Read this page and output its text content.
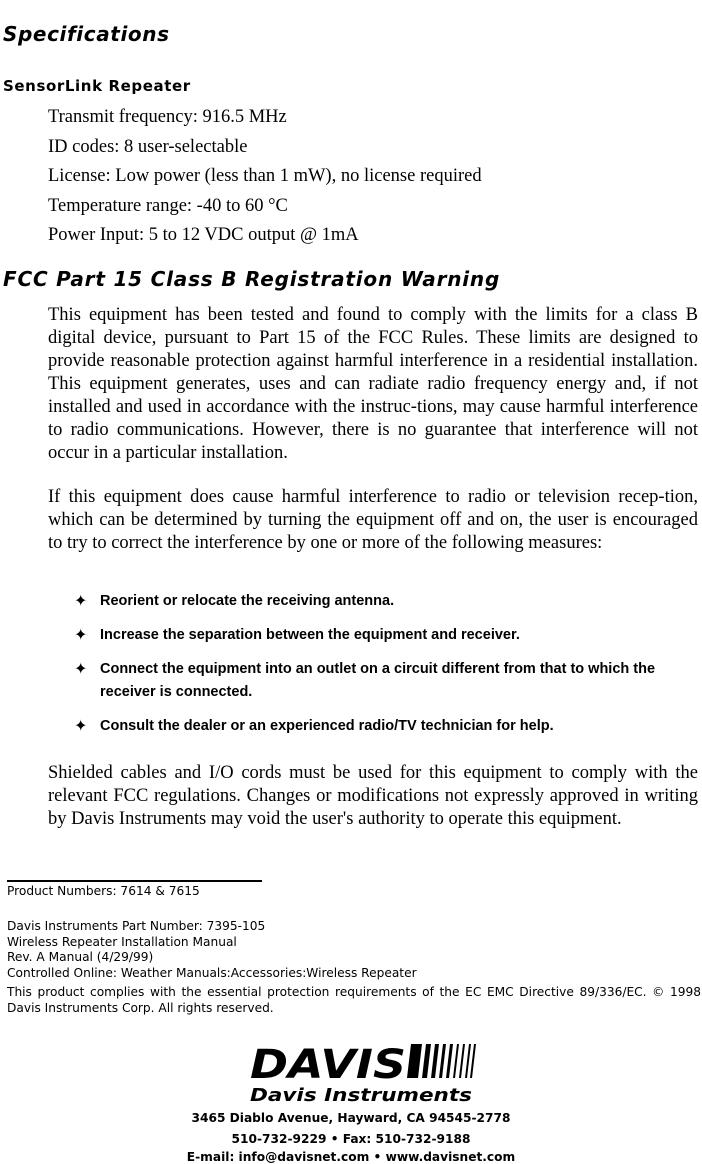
Specifications
SensorLink Repeater
Transmit frequency: 916.5 MHz
ID codes: 8 user-selectable
License: Low power (less than 1 mW), no license required
Temperature range: -40 to 60 °C
Power Input: 5 to 12 VDC output @ 1mA
FCC Part 15 Class B Registration Warning

This equipment has been tested and found to comply with the limits for a class B digital device, pursuant to Part 15 of the FCC Rules. These limits are designed to provide reasonable protection against harmful interference in a residential installation. This equipment generates, uses and can radiate radio frequency energy and, if not installed and used in accordance with the instruc-tions, may cause harmful interference to radio communications. However, there is no guarantee that interference will not occur in a particular installation.

If this equipment does cause harmful interference to radio or television recep-tion, which can be determined by turning the equipment off and on, the user is encouraged to try to correct the interference by one or more of the following measures:

✦ Reorient or relocate the receiving antenna.
✦ Increase the separation between the equipment and receiver.
✦ Connect the equipment into an outlet on a circuit different from that to which the receiver is connected.
✦ Consult the dealer or an experienced radio/TV technician for help.

Shielded cables and I/O cords must be used for this equipment to comply with the relevant FCC regulations. Changes or modifications not expressly approved in writing by Davis Instruments may void the user's authority to operate this equipment.

Product Numbers: 7614 & 7615
Davis Instruments Part Number: 7395-105
Wireless Repeater Installation Manual
Rev. A Manual (4/29/99)
Controlled Online: Weather Manuals:Accessories:Wireless Repeater

This product complies with the essential protection requirements of the EC EMC Directive 89/336/EC. © 1998 Davis Instruments Corp. All rights reserved.

DAVIS
Davis Instruments
3465 Diablo Avenue, Hayward, CA 94545-2778
510-732-9229 • Fax: 510-732-9188
E-mail: info@davisnet.com • www.davisnet.com
